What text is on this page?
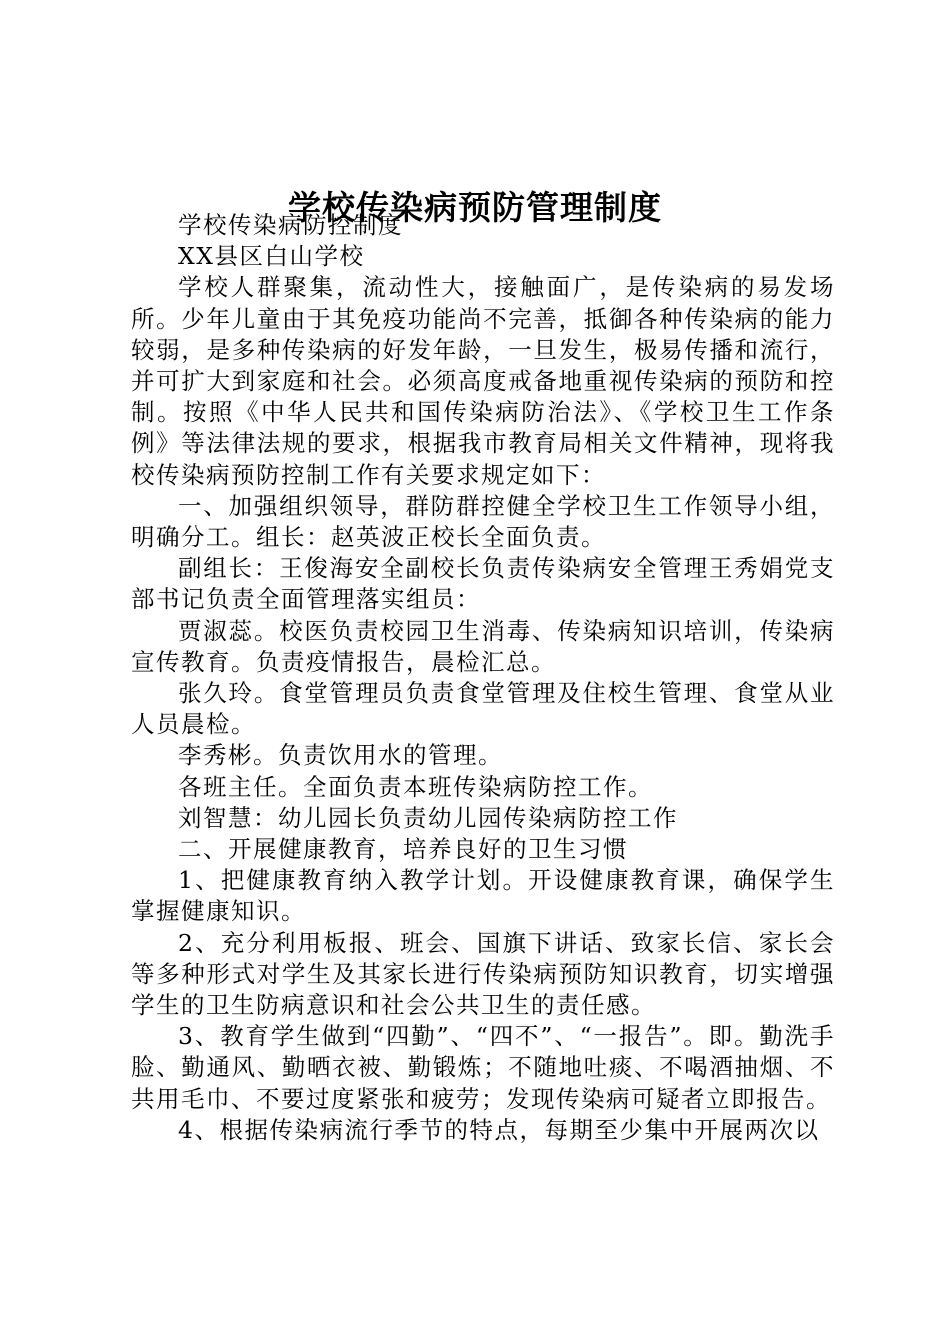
学校传染病预防管理制度

学校传染病防控制度

XX县区白山学校

学校人群聚集，流动性大，接触面广，是传染病的易发场所。少年儿童由于其免疫功能尚不完善，抵御各种传染病的能力较弱，是多种传染病的好发年龄，一旦发生，极易传播和流行，并可扩大到家庭和社会。必须高度戒备地重视传染病的预防和控制。按照《中华人民共和国传染病防治法》、《学校卫生工作条例》等法律法规的要求，根据我市教育局相关文件精神，现将我校传染病预防控制工作有关要求规定如下：

一、加强组织领导，群防群控健全学校卫生工作领导小组，明确分工。组长：赵英波正校长全面负责。

副组长：王俊海安全副校长负责传染病安全管理王秀娟党支部书记负责全面管理落实组员：

贾淑蕊。校医负责校园卫生消毒、传染病知识培训，传染病宣传教育。负责疫情报告，晨检汇总。

张久玲。食堂管理员负责食堂管理及住校生管理、食堂从业人员晨检。

李秀彬。负责饮用水的管理。

各班主任。全面负责本班传染病防控工作。

刘智慧：幼儿园长负责幼儿园传染病防控工作

二、开展健康教育，培养良好的卫生习惯

1、把健康教育纳入教学计划。开设健康教育课，确保学生掌握健康知识。

2、充分利用板报、班会、国旗下讲话、致家长信、家长会等多种形式对学生及其家长进行传染病预防知识教育，切实增强学生的卫生防病意识和社会公共卫生的责任感。

3、教育学生做到“四勤”、“四不”、“一报告”。即。勤洗手脸、勤通风、勤晒衣被、勤锻炼；不随地吐痰、不喝酒抽烟、不共用毛巾、不要过度紧张和疲劳；发现传染病可疑者立即报告。

4、根据传染病流行季节的特点，每期至少集中开展两次以
